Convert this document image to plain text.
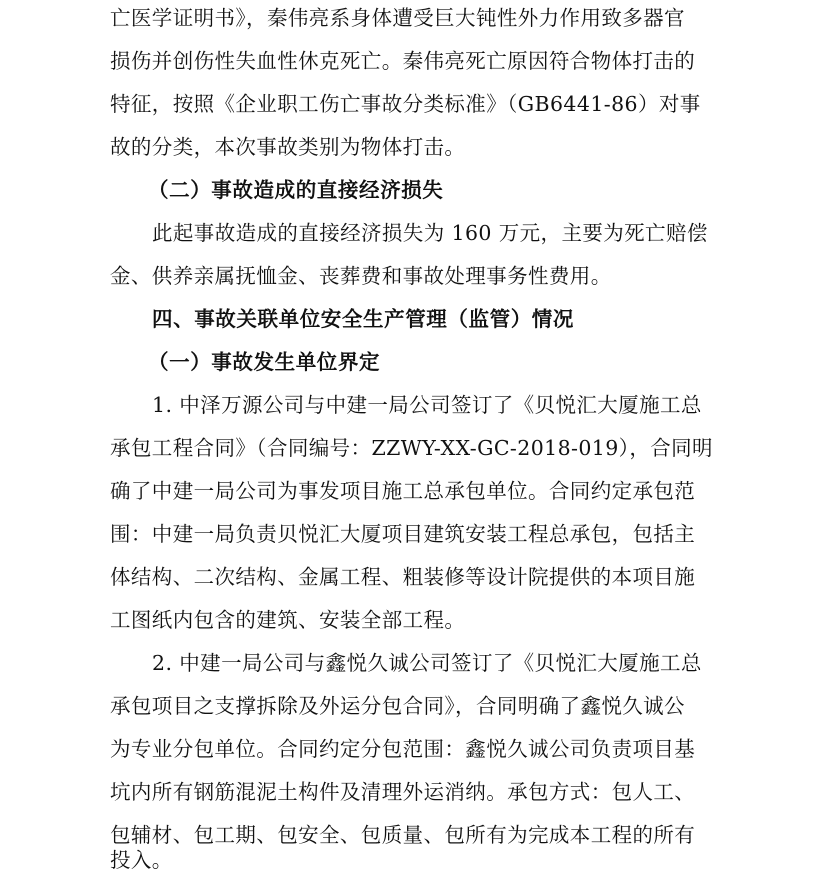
亡医学证明书》，秦伟亮系身体遭受巨大钝性外力作用致多器官
损伤并创伤性失血性休克死亡。秦伟亮死亡原因符合物体打击的
特征，按照《企业职工伤亡事故分类标准》（GB6441-86）对事
故的分类，本次事故类别为物体打击。
（二）事故造成的直接经济损失
此起事故造成的直接经济损失为 160 万元，主要为死亡赔偿
金、供养亲属抚恤金、丧葬费和事故处理事务性费用。
四、事故关联单位安全生产管理（监管）情况
（一）事故发生单位界定
1. 中泽万源公司与中建一局公司签订了《贝悦汇大厦施工总
承包工程合同》（合同编号：ZZWY-XX-GC-2018-019），合同明
确了中建一局公司为事发项目施工总承包单位。合同约定承包范
围：中建一局负责贝悦汇大厦项目建筑安装工程总承包，包括主
体结构、二次结构、金属工程、粗装修等设计院提供的本项目施
工图纸内包含的建筑、安装全部工程。
2. 中建一局公司与鑫悦久诚公司签订了《贝悦汇大厦施工总
承包项目之支撑拆除及外运分包合同》，合同明确了鑫悦久诚公
为专业分包单位。合同约定分包范围：鑫悦久诚公司负责项目基
坑内所有钢筋混泥土构件及清理外运消纳。承包方式：包人工、
包辅材、包工期、包安全、包质量、包所有为完成本工程的所有
投入。
